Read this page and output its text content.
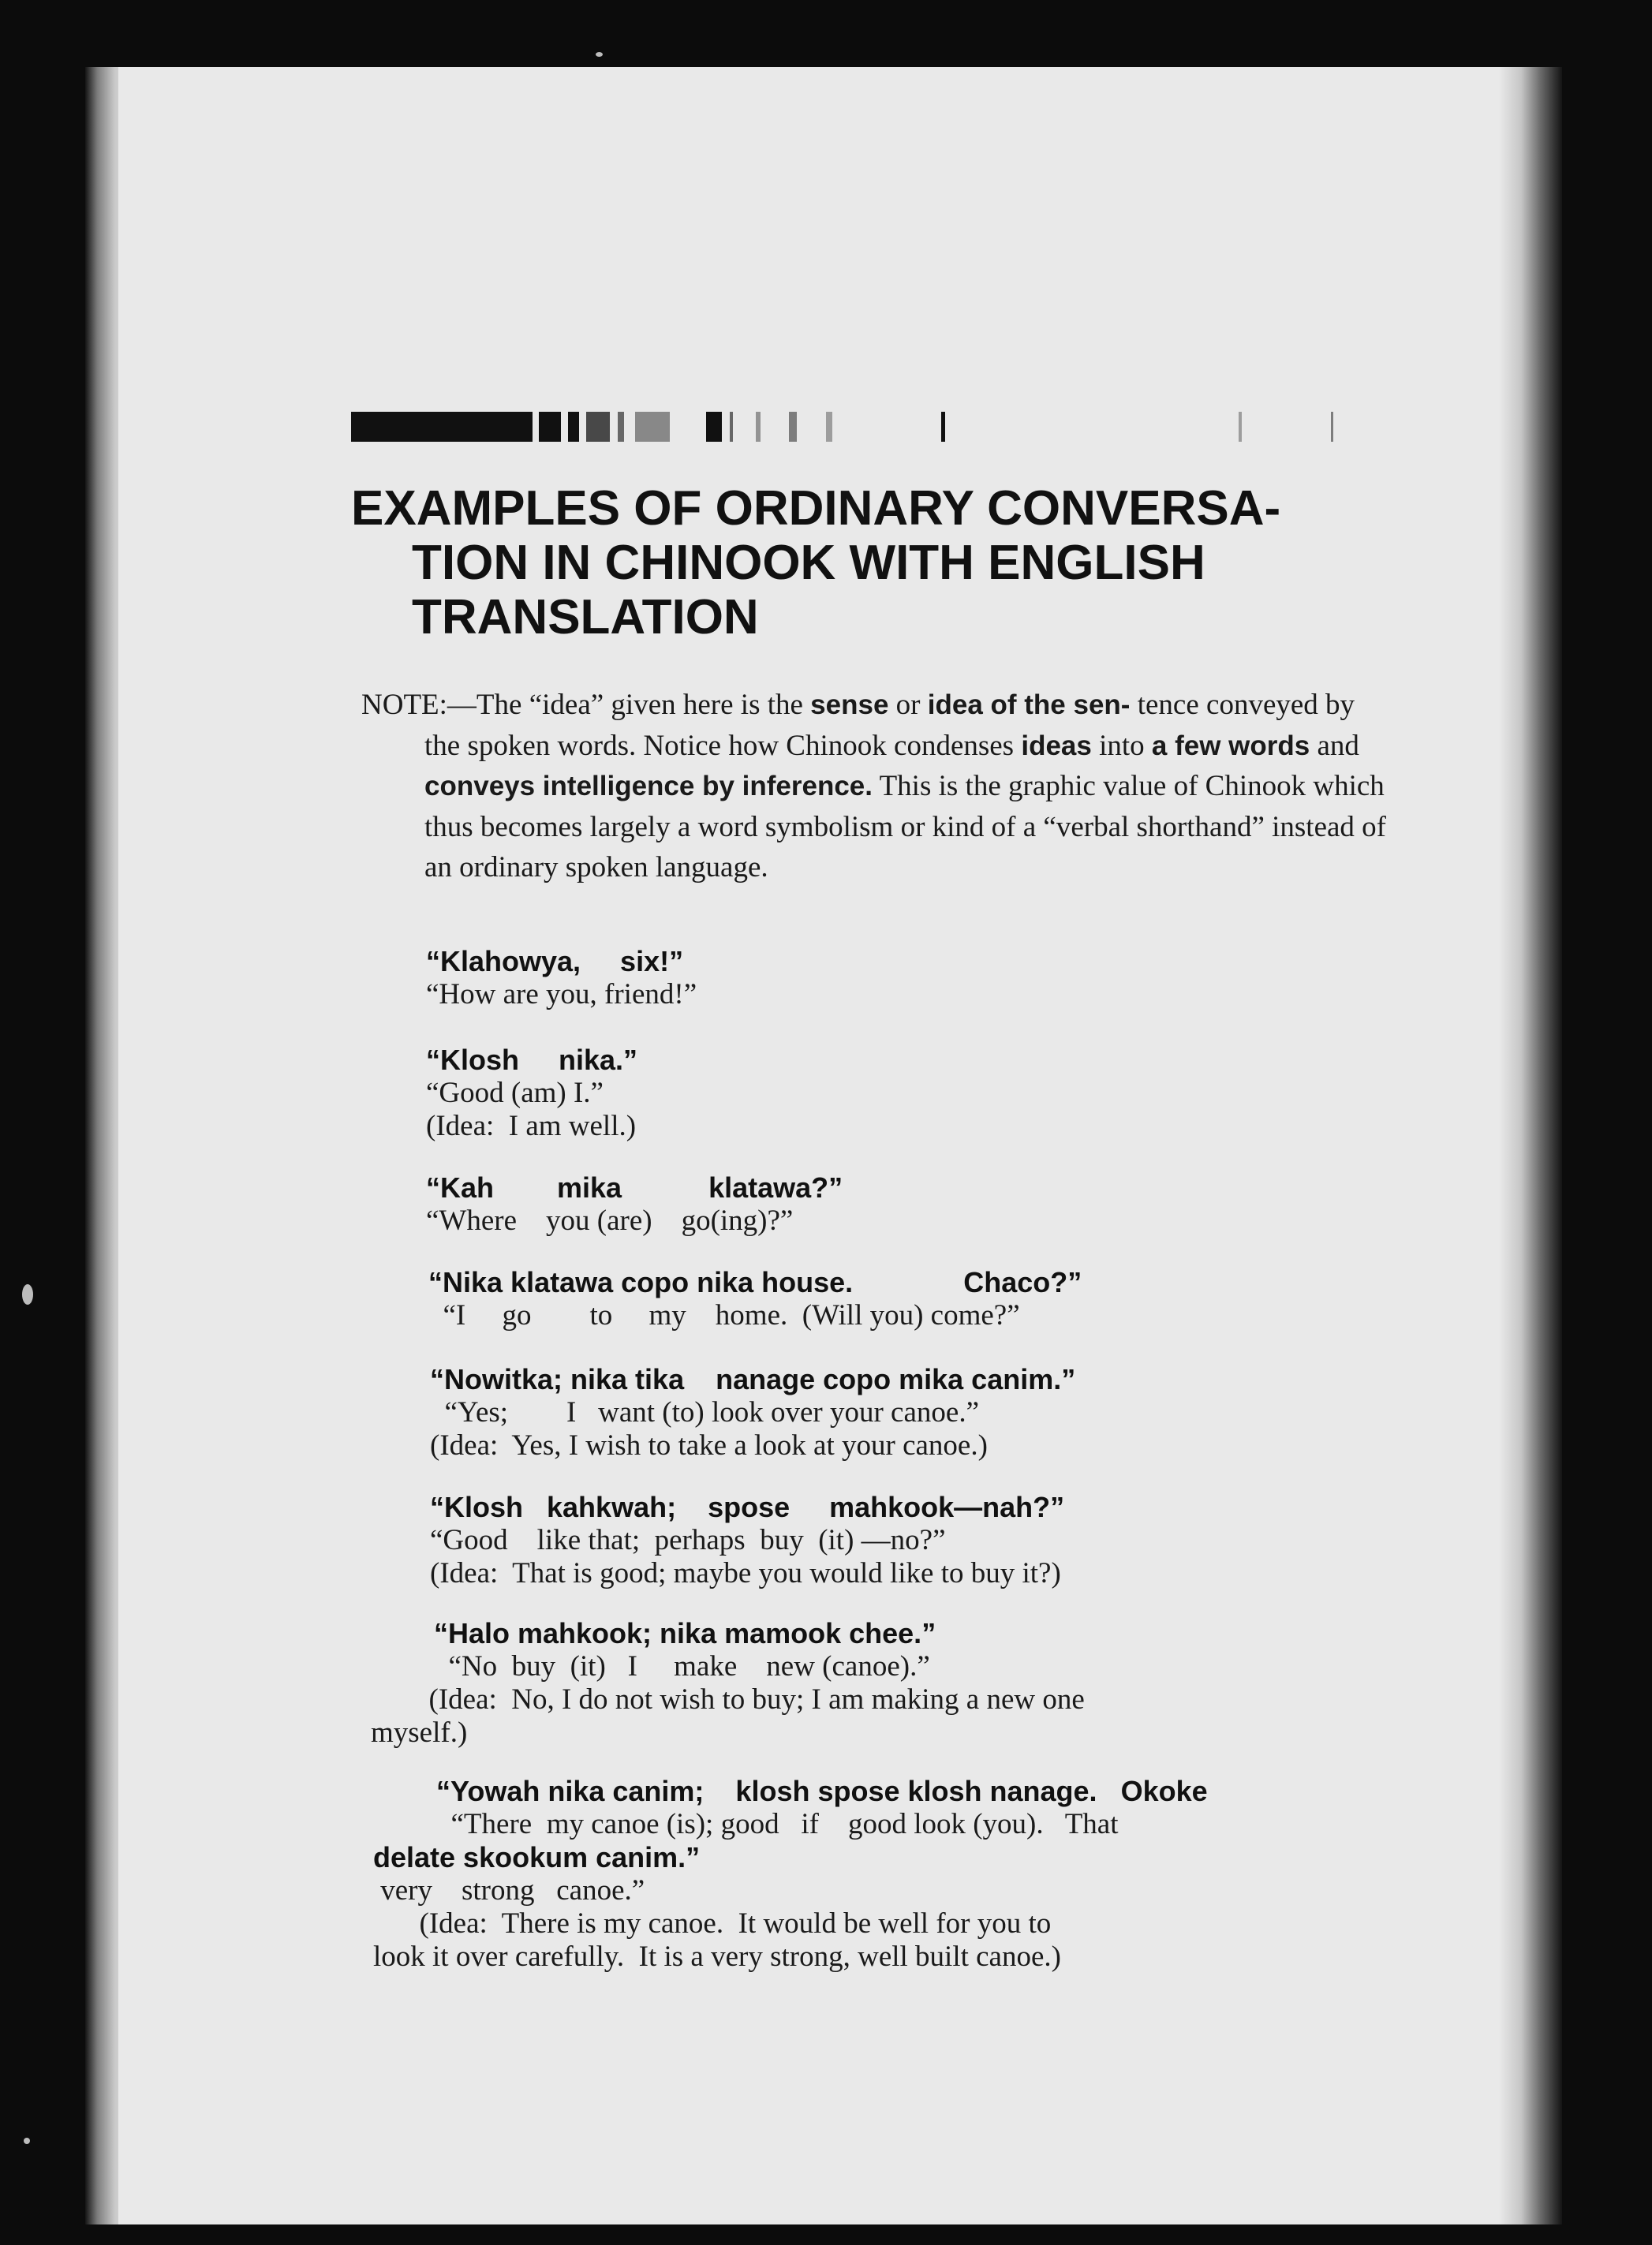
EXAMPLES OF ORDINARY CONVERSA-
TION IN CHINOOK WITH ENGLISH
TRANSLATION

NOTE:—The “idea” given here is the sense or idea of the sen- tence conveyed by the spoken words. Notice how Chinook condenses ideas into a few words and conveys intelligence by inference. This is the graphic value of Chinook which thus becomes largely a word symbolism or kind of a “verbal shorthand” instead of an ordinary spoken language.

“Klahowya,     six!”
“How are you, friend!”
“Klosh     nika.”
“Good (am) I.”
(Idea:  I am well.)
“Kah        mika           klatawa?”
“Where    you (are)    go(ing)?”
“Nika klatawa copo nika house.              Chaco?”
“I     go        to     my    home.  (Will you) come?”
“Nowitka; nika tika    nanage copo mika canim.”
“Yes;        I   want (to) look over your canoe.”
(Idea:  Yes, I wish to take a look at your canoe.)
“Klosh   kahkwah;    spose     mahkook—nah?”
“Good    like that;  perhaps  buy  (it) —no?”
(Idea:  That is good; maybe you would like to buy it?)
“Halo mahkook; nika mamook chee.”
“No  buy  (it)   I     make    new (canoe).”
(Idea:  No, I do not wish to buy; I am making a new one
myself.)
“Yowah nika canim;    klosh spose klosh nanage.   Okoke
“There  my canoe (is); good   if    good look (you).   That
delate skookum canim.”
very    strong   canoe.”
(Idea:  There is my canoe.  It would be well for you to
look it over carefully.  It is a very strong, well built canoe.)
